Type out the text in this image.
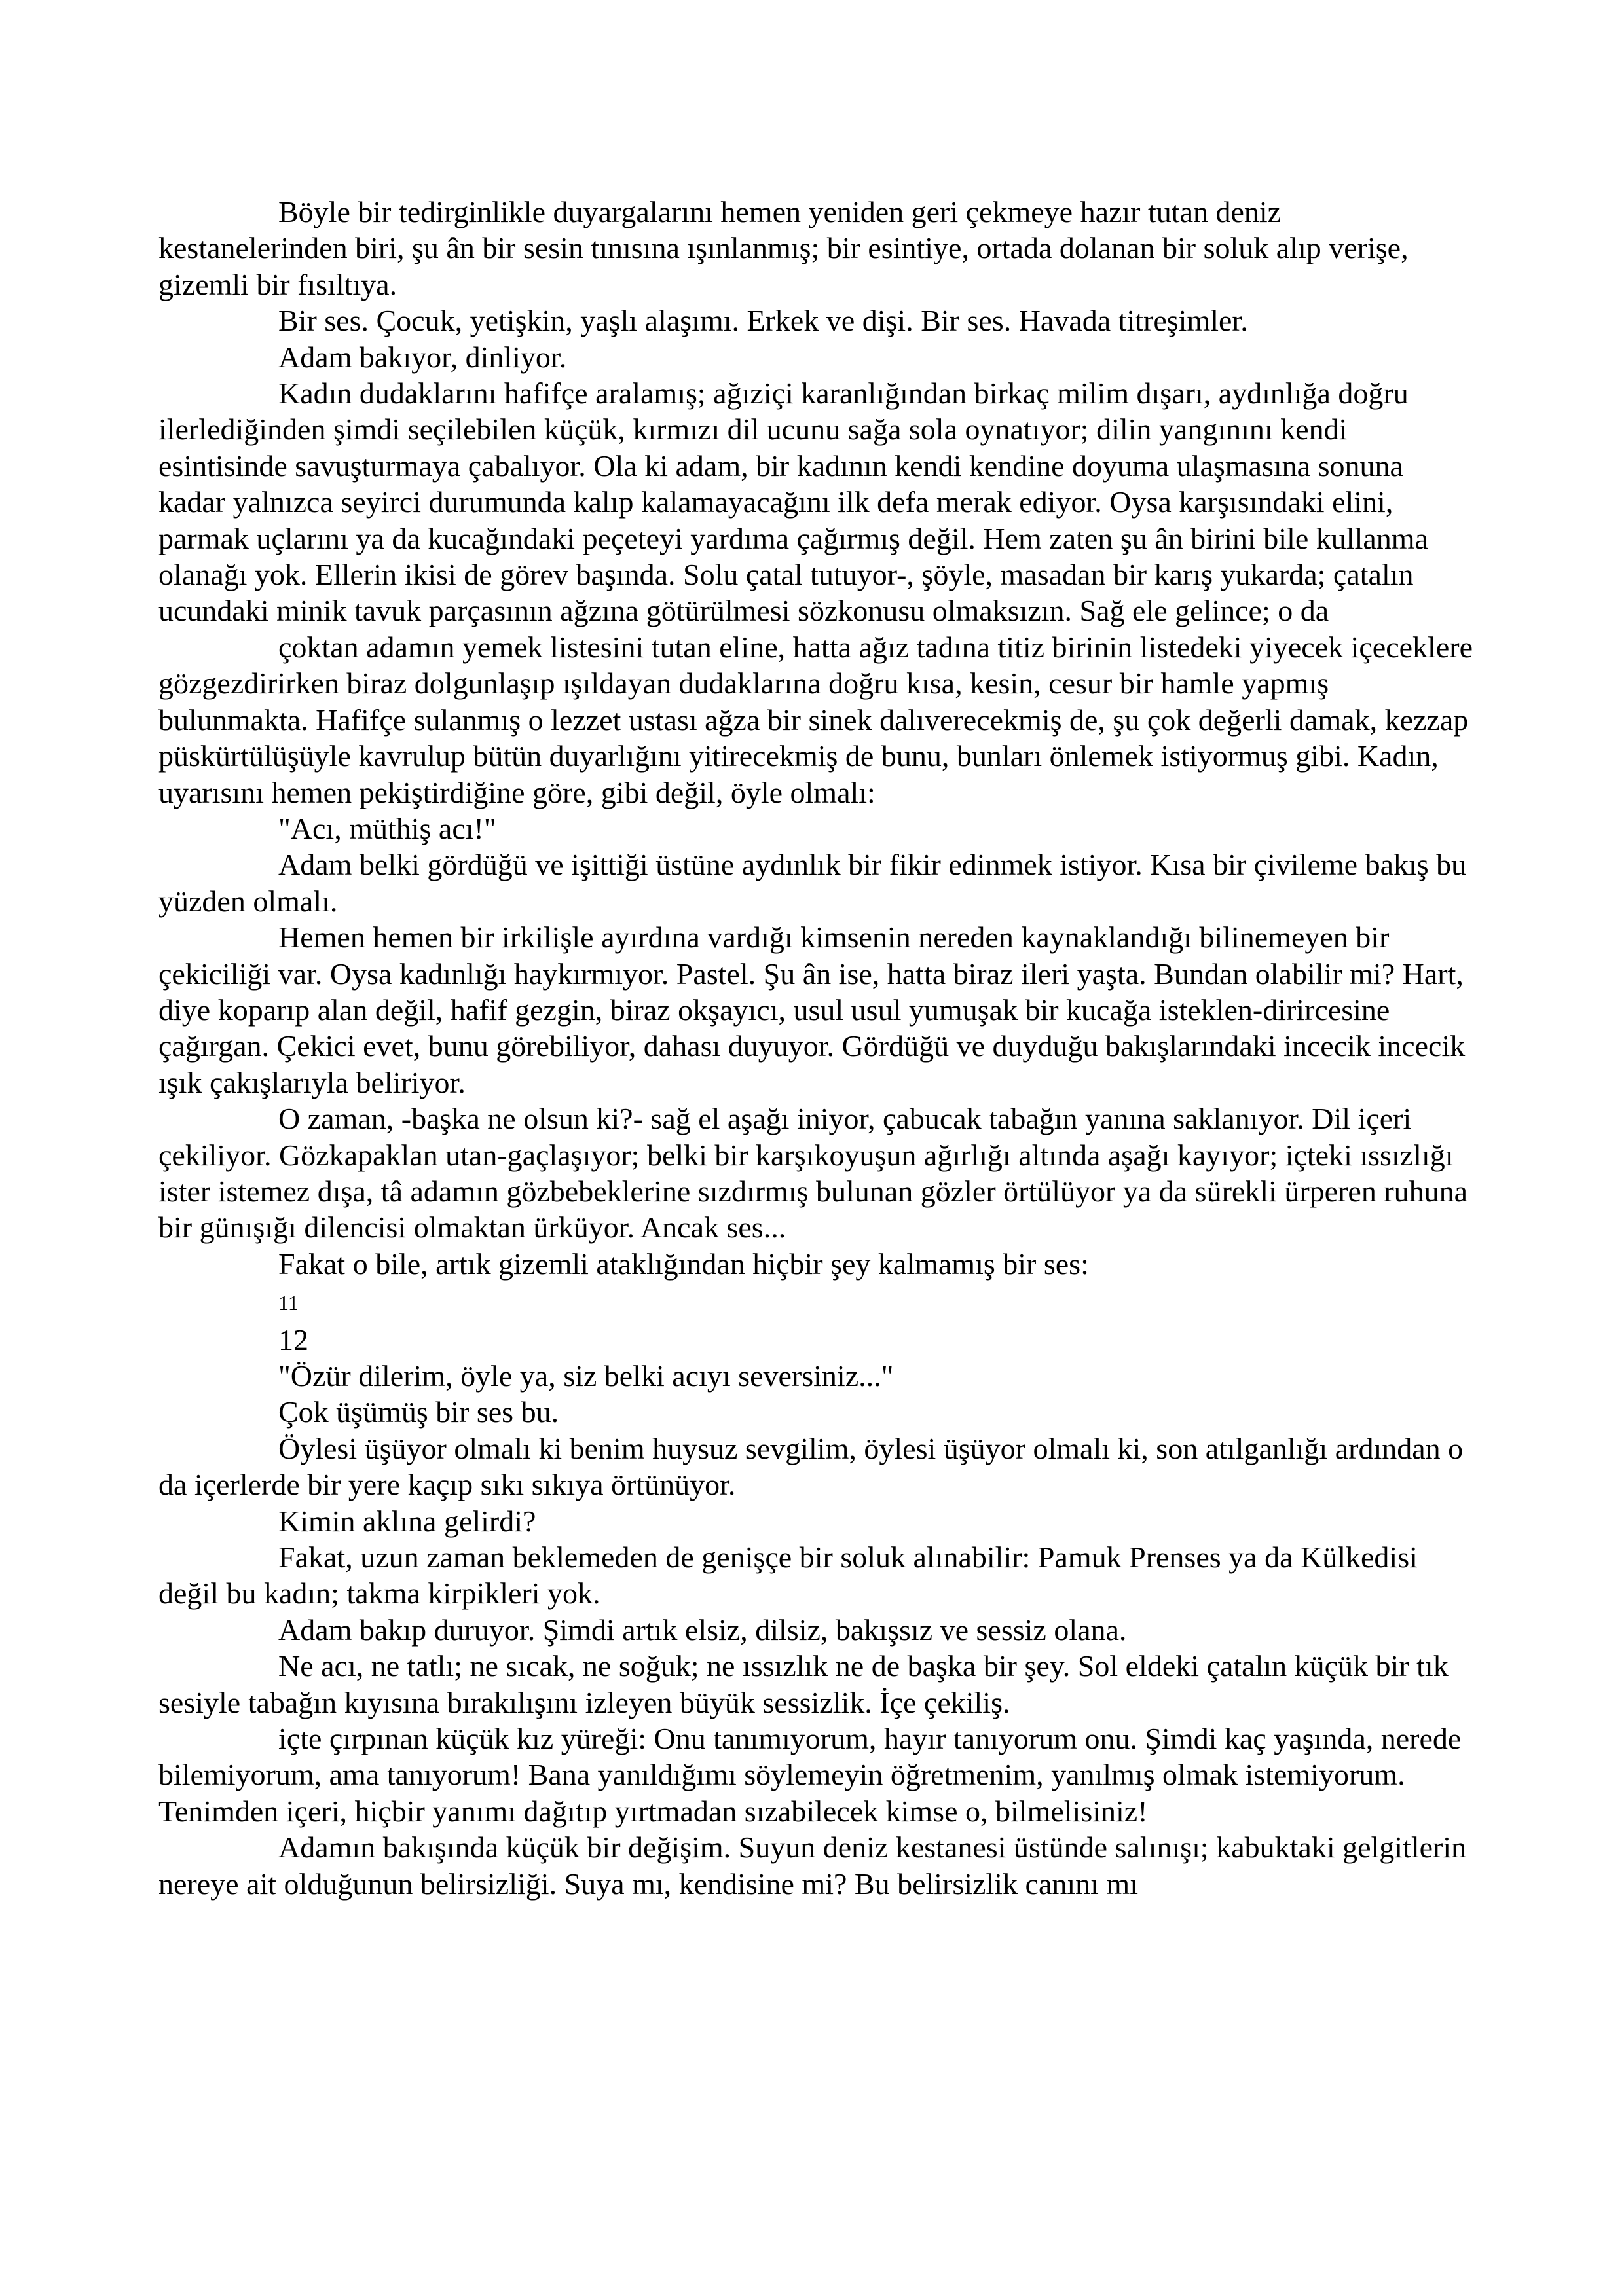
Böyle bir tedirginlikle duyargalarını hemen yeniden geri çekmeye hazır tutan deniz kestanelerinden biri, şu ân bir sesin tınısına ışınlanmış; bir esintiye, ortada dolanan bir soluk alıp verişe, gizemli bir fısıltıya.

Bir ses. Çocuk, yetişkin, yaşlı alaşımı. Erkek ve dişi. Bir ses. Havada titreşimler.

Adam bakıyor, dinliyor.

Kadın dudaklarını hafifçe aralamış; ağıziçi karanlığından birkaç milim dışarı, aydınlığa doğru ilerlediğinden şimdi seçilebilen küçük, kırmızı dil ucunu sağa sola oynatıyor; dilin yangınını kendi esintisinde savuşturmaya çabalıyor. Ola ki adam, bir kadının kendi kendine doyuma ulaşmasına sonuna kadar yalnızca seyirci durumunda kalıp kalamayacağını ilk defa merak ediyor. Oysa karşısındaki elini, parmak uçlarını ya da kucağındaki peçeteyi yardıma çağırmış değil. Hem zaten şu ân birini bile kullanma olanağı yok. Ellerin ikisi de görev başında. Solu çatal tutuyor-, şöyle, masadan bir karış yukarda; çatalın ucundaki minik tavuk parçasının ağzına götürülmesi sözkonusu olmaksızın. Sağ ele gelince; o da

çoktan adamın yemek listesini tutan eline, hatta ağız tadına titiz birinin listedeki yiyecek içeceklere gözgezdirirken biraz dolgunlaşıp ışıldayan dudaklarına doğru kısa, kesin, cesur bir hamle yapmış bulunmakta. Hafifçe sulanmış o lezzet ustası ağza bir sinek dalıverecekmiş de, şu çok değerli damak, kezzap püskürtülüşüyle kavrulup bütün duyarlığını yitirecekmiş de bunu, bunları önlemek istiyormuş gibi. Kadın, uyarısını hemen pekiştirdiğine göre, gibi değil, öyle olmalı:

"Acı, müthiş acı!"

Adam belki gördüğü ve işittiği üstüne aydınlık bir fikir edinmek istiyor. Kısa bir çivileme bakış bu yüzden olmalı.

Hemen hemen bir irkilişle ayırdına vardığı kimsenin nereden kaynaklandığı bilinemeyen bir çekiciliği var. Oysa kadınlığı haykırmıyor. Pastel. Şu ân ise, hatta biraz ileri yaşta. Bundan olabilir mi? Hart, diye koparıp alan değil, hafif gezgin, biraz okşayıcı, usul usul yumuşak bir kucağa isteklen-dirircesine çağırgan. Çekici evet, bunu görebiliyor, dahası duyuyor. Gördüğü ve duyduğu bakışlarındaki incecik incecik ışık çakışlarıyla beliriyor.

O zaman, -başka ne olsun ki?- sağ el aşağı iniyor, çabucak tabağın yanına saklanıyor. Dil içeri çekiliyor. Gözkapaklan utan-gaçlaşıyor; belki bir karşıkoyuşun ağırlığı altında aşağı kayıyor; içteki ıssızlığı ister istemez dışa, tâ adamın gözbebeklerine sızdırmış bulunan gözler örtülüyor ya da sürekli ürperen ruhuna bir günışığı dilencisi olmaktan ürküyor. Ancak ses...

Fakat o bile, artık gizemli ataklığından hiçbir şey kalmamış bir ses:

11

12

"Özür dilerim, öyle ya, siz belki acıyı seversiniz..."

Çok üşümüş bir ses bu.

Öylesi üşüyor olmalı ki benim huysuz sevgilim, öylesi üşüyor olmalı ki, son atılganlığı ardından o da içerlerde bir yere kaçıp sıkı sıkıya örtünüyor.

Kimin aklına gelirdi?

Fakat, uzun zaman beklemeden de genişçe bir soluk alınabilir: Pamuk Prenses ya da Külkedisi değil bu kadın; takma kirpikleri yok.

Adam bakıp duruyor. Şimdi artık elsiz, dilsiz, bakışsız ve sessiz olana.

Ne acı, ne tatlı; ne sıcak, ne soğuk; ne ıssızlık ne de başka bir şey. Sol eldeki çatalın küçük bir tık sesiyle tabağın kıyısına bırakılışını izleyen büyük sessizlik. İçe çekiliş.

içte çırpınan küçük kız yüreği: Onu tanımıyorum, hayır tanıyorum onu. Şimdi kaç yaşında, nerede bilemiyorum, ama tanıyorum! Bana yanıldığımı söylemeyin öğretmenim, yanılmış olmak istemiyorum. Tenimden içeri, hiçbir yanımı dağıtıp yırtmadan sızabilecek kimse o, bilmelisiniz!

Adamın bakışında küçük bir değişim. Suyun deniz kestanesi üstünde salınışı; kabuktaki gelgitlerin nereye ait olduğunun belirsizliği. Suya mı, kendisine mi? Bu belirsizlik canını mı
